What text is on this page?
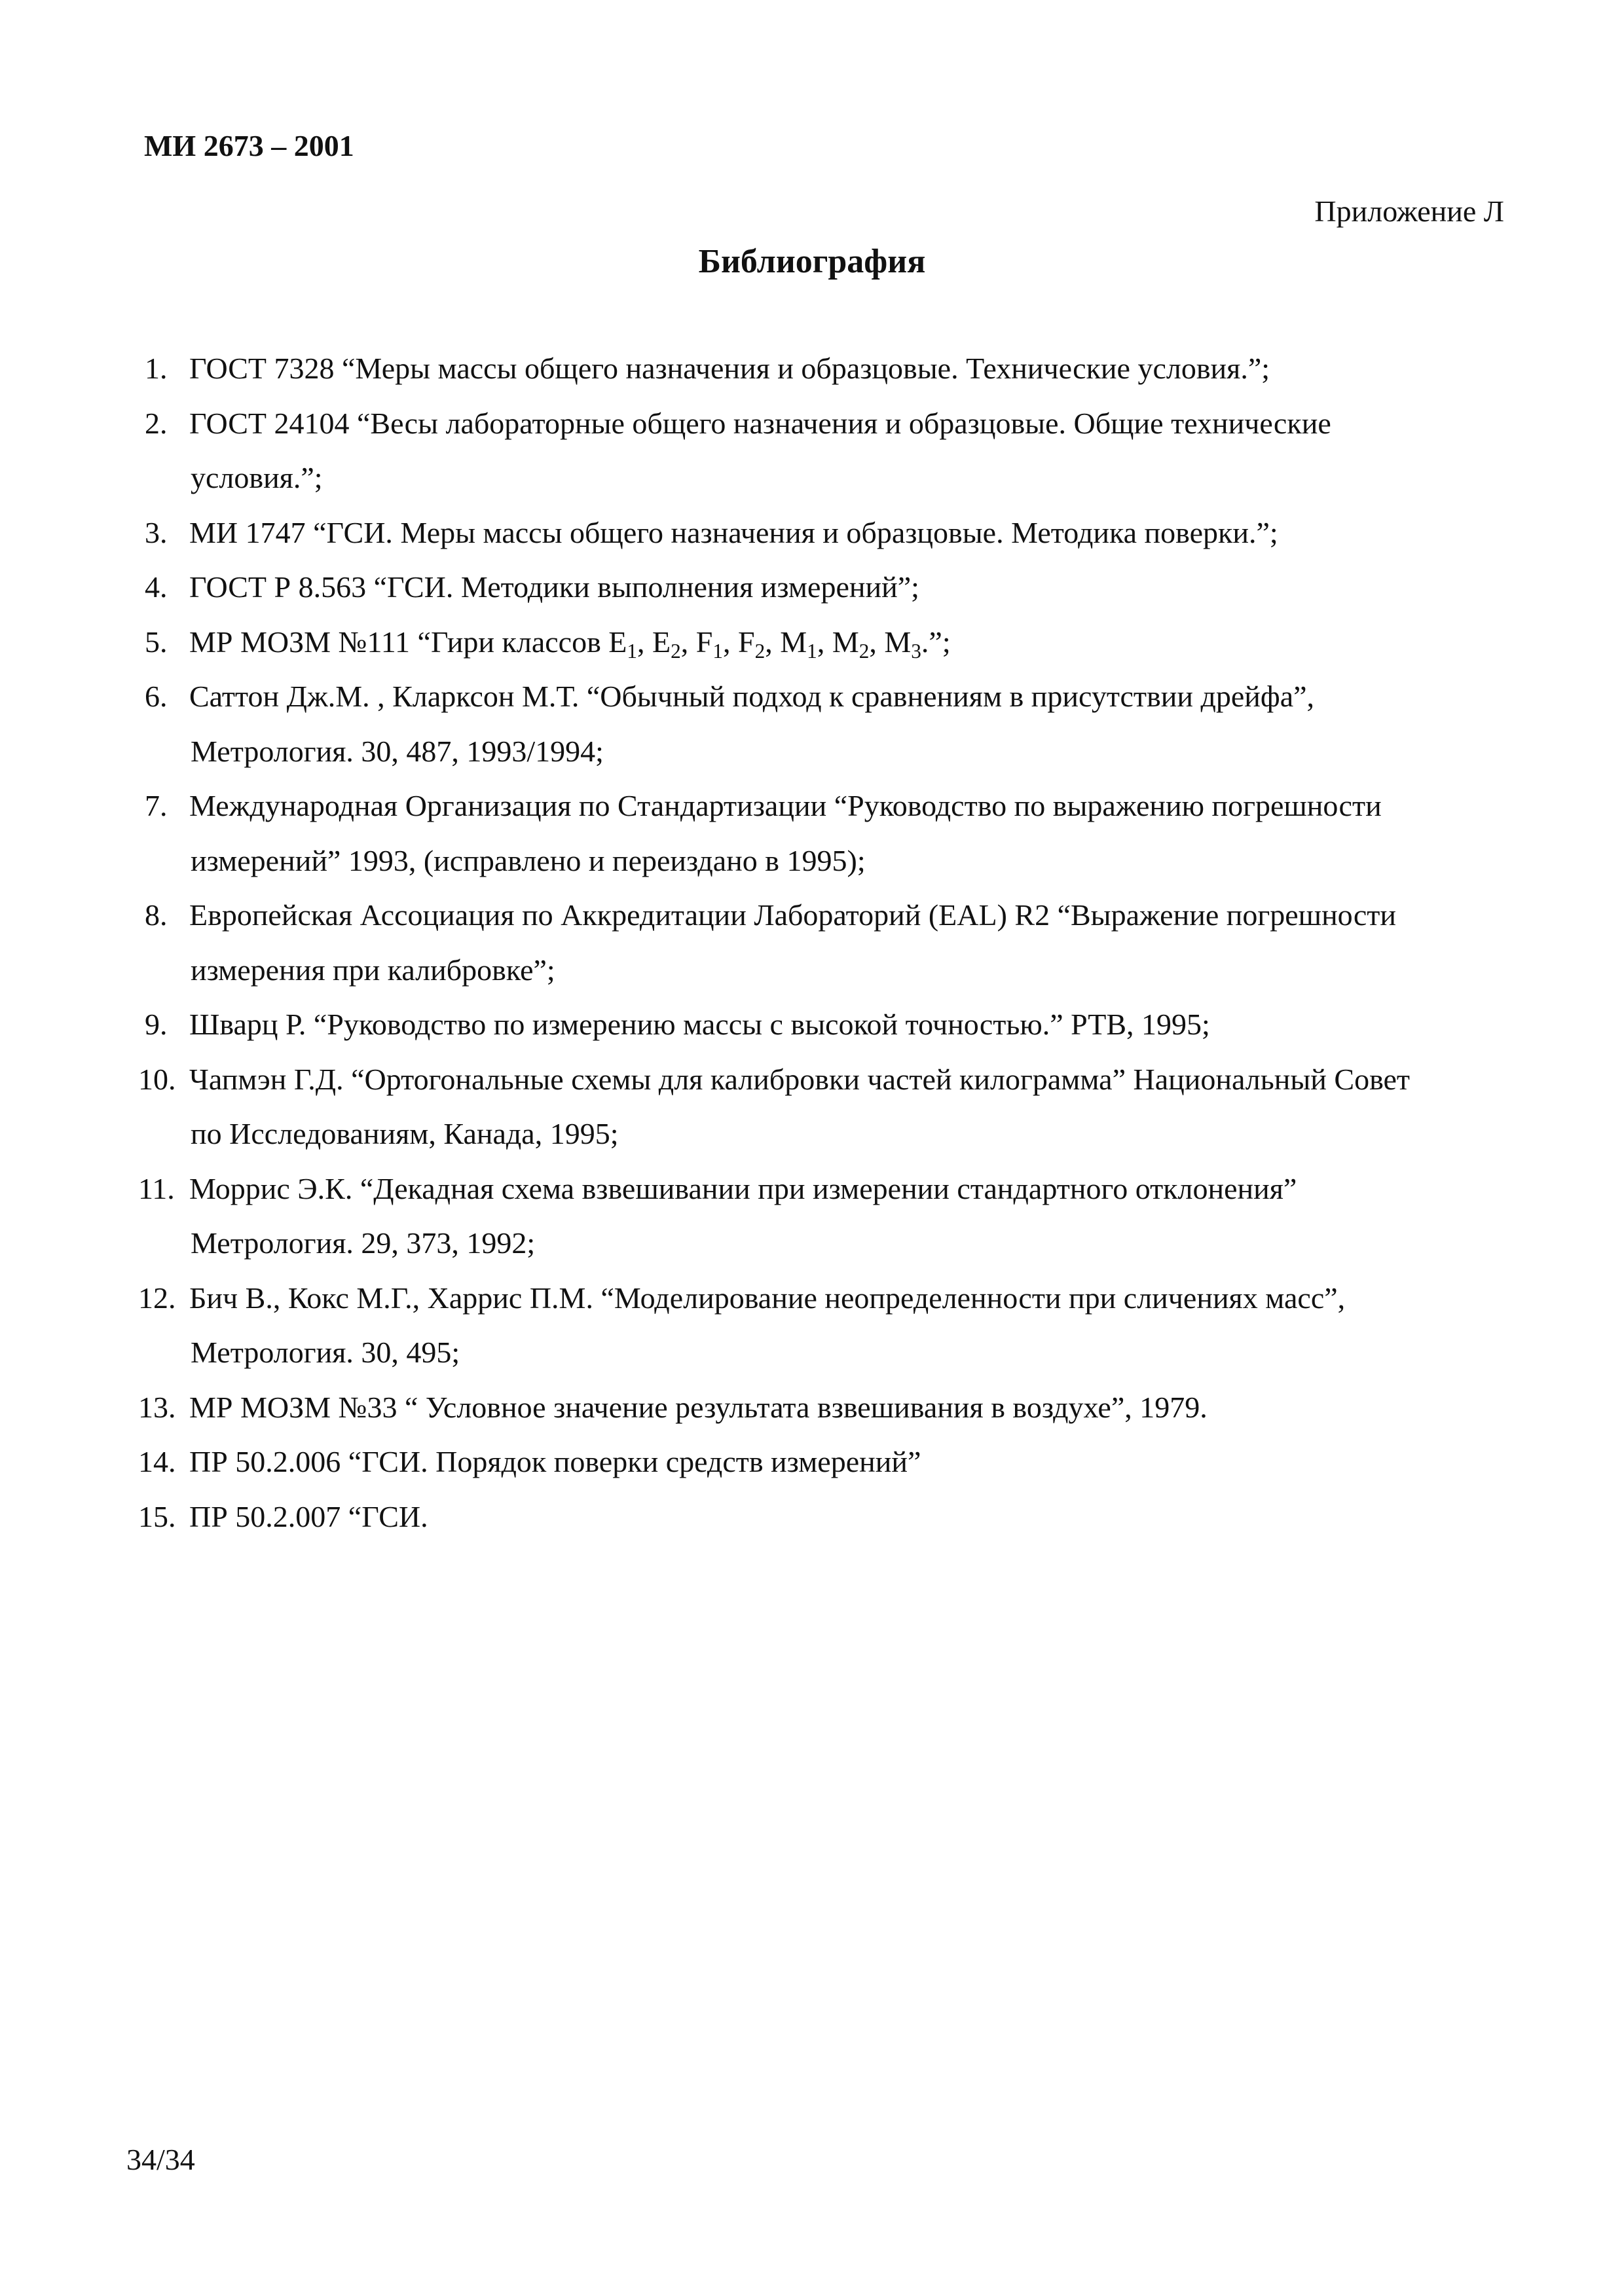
МИ 2673 – 2001
Приложение Л
Библиография
1. ГОСТ 7328 “Меры массы общего назначения и образцовые. Технические условия.”;
2. ГОСТ 24104 “Весы лабораторные общего назначения и образцовые. Общие технические
условия.”;
3. МИ 1747 “ГСИ. Меры массы общего назначения и образцовые. Методика поверки.”;
4. ГОСТ Р 8.563 “ГСИ. Методики выполнения измерений”;
5. МР МОЗМ №111 “Гири классов $E_1$, $E_2$, $F_1$, $F_2$, $M_1$, $M_2$, $M_3$.”;
6. Саттон Дж.М. , Кларксон М.Т. “Обычный подход к сравнениям в присутствии дрейфа”,
Метрология. 30, 487, 1993/1994;
7. Международная Организация по Стандартизации “Руководство по выражению погрешности
измерений” 1993, (исправлено и переиздано в 1995);
8. Европейская Ассоциация по Аккредитации Лабораторий (EAL) R2 “Выражение погрешности
измерения при калибровке”;
9. Шварц Р. “Руководство по измерению массы с высокой точностью.” РТВ, 1995;
10. Чапмэн Г.Д. “Ортогональные схемы для калибровки частей килограмма” Национальный Совет
по Исследованиям, Канада, 1995;
11. Моррис Э.К. “Декадная схема взвешивании при измерении стандартного отклонения”
Метрология. 29, 373, 1992;
12. Бич В., Кокс М.Г., Харрис П.М. “Моделирование неопределенности при сличениях масс”,
Метрология. 30, 495;
13. МР МОЗМ №33 “ Условное значение результата взвешивания в воздухе”, 1979.
14. ПР 50.2.006 “ГСИ. Порядок поверки средств измерений”
15. ПР 50.2.007 “ГСИ.
34/34
